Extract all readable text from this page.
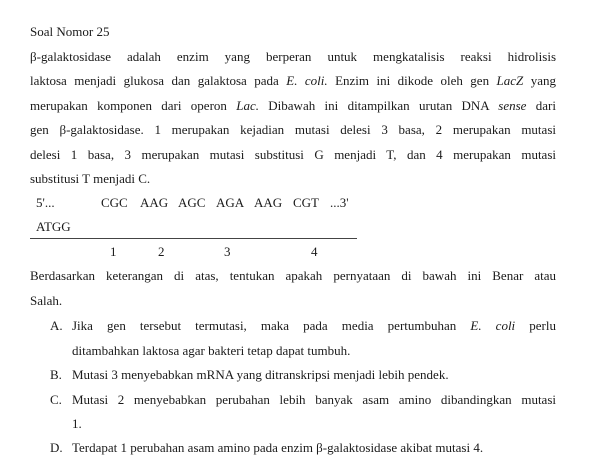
Soal Nomor 25
β-galaktosidase adalah enzim yang berperan untuk mengkatalisis reaksi hidrolisis
laktosa menjadi glukosa dan galaktosa pada E. coli. Enzim ini dikode oleh gen LacZ yang
merupakan komponen dari operon Lac. Dibawah ini ditampilkan urutan DNA sense dari
gen β-galaktosidase. 1 merupakan kejadian mutasi delesi 3 basa, 2 merupakan mutasi
delesi 1 basa, 3 merupakan mutasi substitusi G menjadi T, dan 4 merupakan mutasi
substitusi T menjadi C.
5'...	CGC AAG AGC AGA AAG CGT ...3'
ATGG
1	2	3	4
Berdasarkan keterangan di atas, tentukan apakah pernyataan di bawah ini Benar atau
Salah.
A. Jika gen tersebut termutasi, maka pada media pertumbuhan E. coli perlu
ditambahkan laktosa agar bakteri tetap dapat tumbuh.
B. Mutasi 3 menyebabkan mRNA yang ditranskripsi menjadi lebih pendek.
C. Mutasi 2 menyebabkan perubahan lebih banyak asam amino dibandingkan mutasi
1.
D. Terdapat 1 perubahan asam amino pada enzim β-galaktosidase akibat mutasi 4.
